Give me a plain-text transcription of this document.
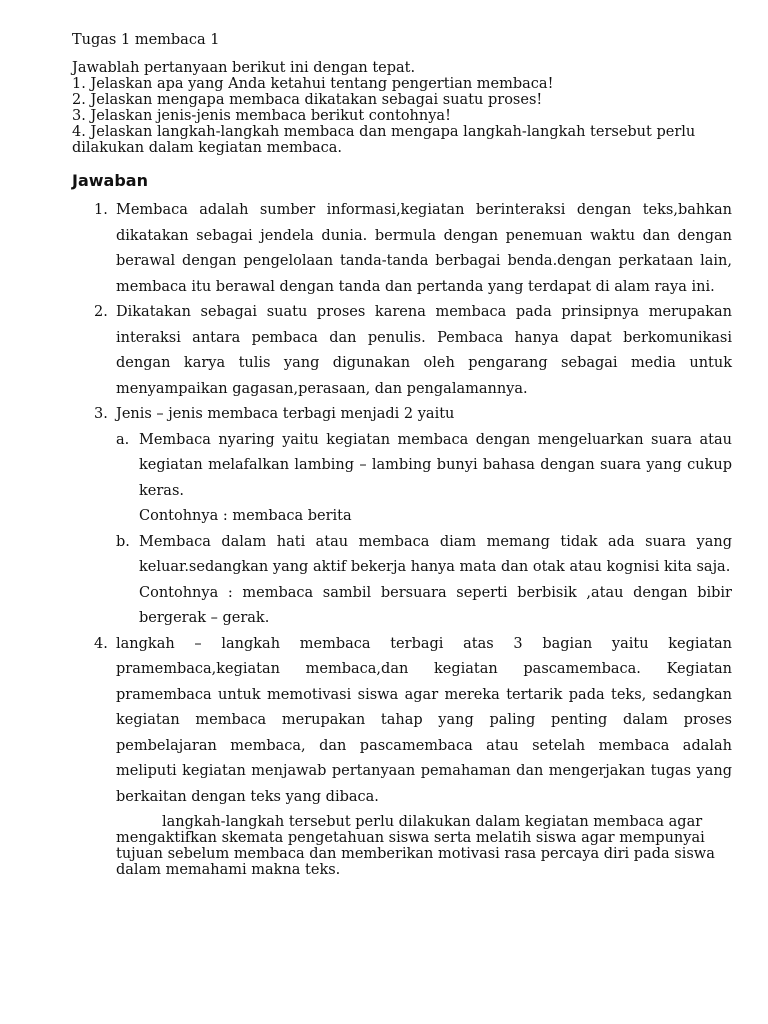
Tugas 1 membaca 1

Jawablah pertanyaan berikut ini dengan tepat.

1. Jelaskan apa yang Anda ketahui tentang pengertian membaca!

2. Jelaskan mengapa membaca dikatakan sebagai suatu proses!

3. Jelaskan jenis-jenis membaca berikut contohnya!

4. Jelaskan langkah-langkah membaca dan mengapa langkah-langkah tersebut perlu dilakukan dalam kegiatan membaca.

Jawaban
1. Membaca adalah sumber informasi,kegiatan berinteraksi dengan teks,bahkan dikatakan sebagai jendela dunia. bermula dengan penemuan waktu dan dengan berawal dengan pengelolaan tanda-tanda berbagai benda.dengan perkataan lain, membaca itu berawal dengan tanda dan pertanda yang terdapat di alam raya ini.
2. Dikatakan sebagai suatu proses karena membaca pada prinsipnya merupakan interaksi antara pembaca dan penulis. Pembaca hanya dapat berkomunikasi dengan karya tulis yang digunakan oleh pengarang sebagai media untuk menyampaikan gagasan,perasaan, dan pengalamannya.
3. Jenis – jenis membaca terbagi menjadi 2 yaitu
a. Membaca nyaring yaitu kegiatan membaca dengan mengeluarkan suara atau kegiatan melafalkan lambing – lambing bunyi bahasa dengan suara yang cukup keras.
Contohnya : membaca berita
b. Membaca dalam hati atau membaca diam memang tidak ada suara yang keluar.sedangkan yang aktif bekerja hanya mata dan otak atau kognisi kita saja.
Contohnya : membaca sambil bersuara seperti berbisik ,atau dengan bibir bergerak – gerak.
4. langkah – langkah membaca terbagi atas 3 bagian yaitu kegiatan pramembaca,kegiatan membaca,dan kegiatan pascamembaca. Kegiatan pramembaca untuk memotivasi siswa agar mereka tertarik pada teks, sedangkan kegiatan membaca merupakan tahap yang paling penting dalam proses pembelajaran membaca, dan pascamembaca atau setelah membaca adalah meliputi kegiatan menjawab pertanyaan pemahaman dan mengerjakan tugas yang berkaitan dengan teks yang dibaca.

langkah-langkah tersebut perlu dilakukan dalam kegiatan membaca agar mengaktifkan skemata pengetahuan siswa serta melatih siswa agar mempunyai tujuan sebelum membaca dan memberikan motivasi rasa percaya diri pada siswa dalam memahami makna teks.
